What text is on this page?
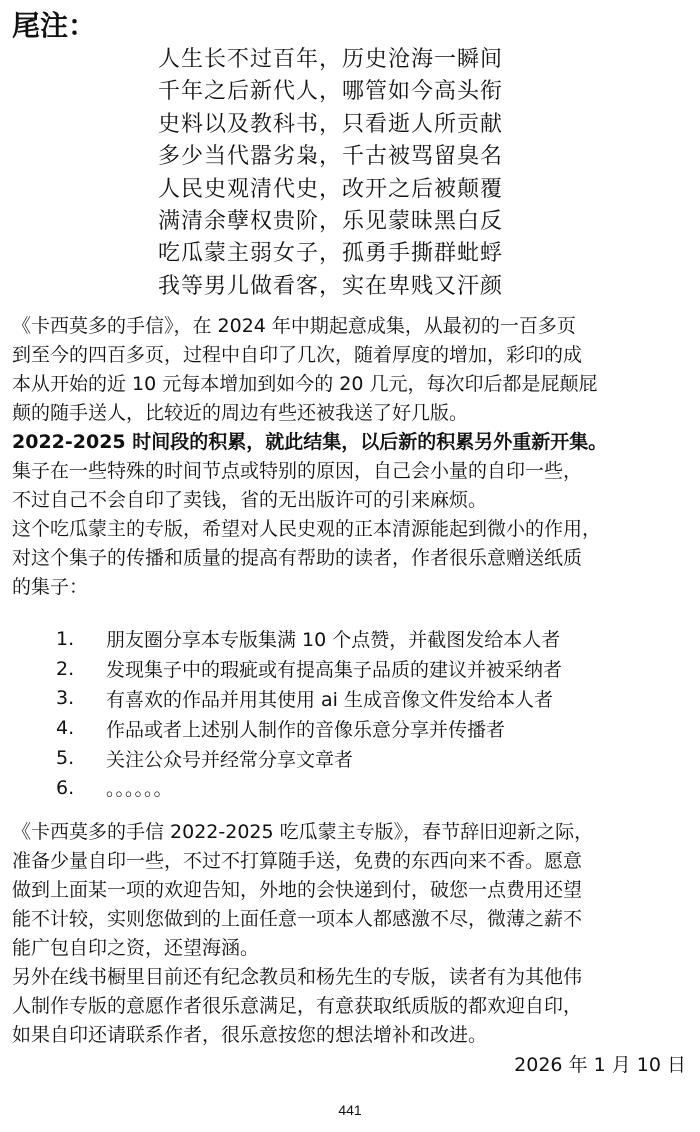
尾注：
人生长不过百年，历史沧海一瞬间
千年之后新代人，哪管如今高头衔
史料以及教科书，只看逝人所贡献
多少当代嚣劣枭，千古被骂留臭名
人民史观清代史，改开之后被颠覆
满清余孽权贵阶，乐见蒙昧黑白反
吃瓜蒙主弱女子，孤勇手撕群蚍蜉
我等男儿做看客，实在卑贱又汗颜
《卡西莫多的手信》，在 2024 年中期起意成集，从最初的一百多页
到至今的四百多页，过程中自印了几次，随着厚度的增加，彩印的成
本从开始的近 10 元每本增加到如今的 20 几元，每次印后都是屁颠屁
颠的随手送人，比较近的周边有些还被我送了好几版。
2022-2025 时间段的积累，就此结集，以后新的积累另外重新开集。
集子在一些特殊的时间节点或特别的原因，自己会小量的自印一些，
不过自己不会自印了卖钱，省的无出版许可的引来麻烦。
这个吃瓜蒙主的专版，希望对人民史观的正本清源能起到微小的作用，
对这个集子的传播和质量的提高有帮助的读者，作者很乐意赠送纸质
的集子：
1.	朋友圈分享本专版集满 10 个点赞，并截图发给本人者
2.	发现集子中的瑕疵或有提高集子品质的建议并被采纳者
3.	有喜欢的作品并用其使用 ai 生成音像文件发给本人者
4.	作品或者上述别人制作的音像乐意分享并传播者
5.	关注公众号并经常分享文章者
6.	。。。。。。
《卡西莫多的手信 2022-2025 吃瓜蒙主专版》，春节辞旧迎新之际，
准备少量自印一些，不过不打算随手送，免费的东西向来不香。愿意
做到上面某一项的欢迎告知，外地的会快递到付，破您一点费用还望
能不计较，实则您做到的上面任意一项本人都感激不尽，微薄之薪不
能广包自印之资，还望海涵。
另外在线书橱里目前还有纪念教员和杨先生的专版，读者有为其他伟
人制作专版的意愿作者很乐意满足，有意获取纸质版的都欢迎自印，
如果自印还请联系作者，很乐意按您的想法增补和改进。
2026 年 1 月 10 日
441
